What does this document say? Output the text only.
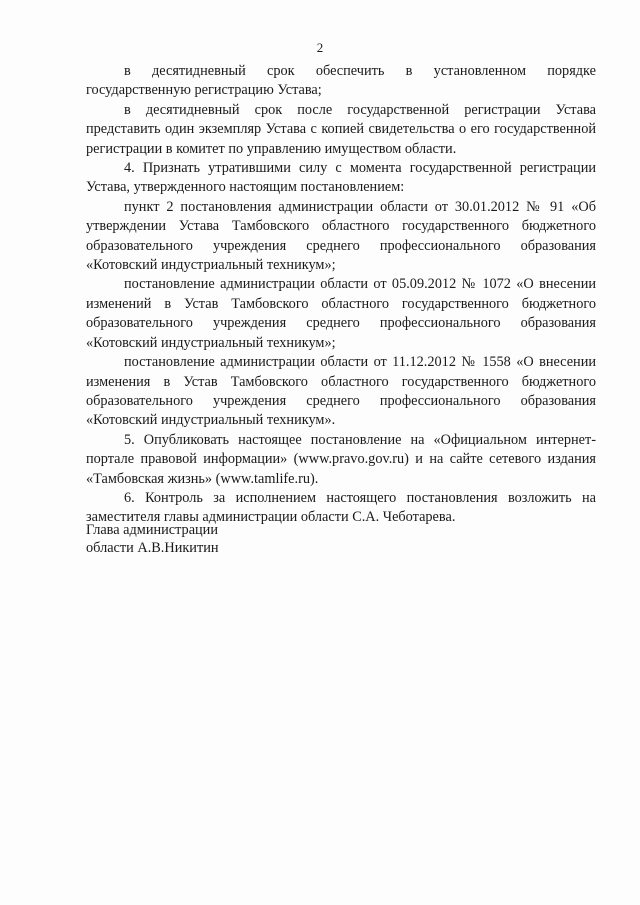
2

в десятидневный срок обеспечить в установленном порядке государственную регистрацию Устава;

в десятидневный срок после государственной регистрации Устава представить один экземпляр Устава с копией свидетельства о его государственной регистрации в комитет по управлению имуществом области.

4. Признать утратившими силу с момента государственной регистрации Устава, утвержденного настоящим постановлением:

пункт 2 постановления администрации области от 30.01.2012 № 91 «Об утверждении Устава Тамбовского областного государственного бюджетного образовательного учреждения среднего профессионального образования «Котовский индустриальный техникум»;

постановление администрации области от 05.09.2012 № 1072 «О внесении изменений в Устав Тамбовского областного государственного бюджетного образовательного учреждения среднего профессионального образования «Котовский индустриальный техникум»;

постановление администрации области от 11.12.2012 № 1558 «О внесении изменения в Устав Тамбовского областного государственного бюджетного образовательного учреждения среднего профессионального образования «Котовский индустриальный техникум».

5. Опубликовать настоящее постановление на «Официальном интернет-портале правовой информации» (www.pravo.gov.ru) и на сайте сетевого издания «Тамбовская жизнь» (www.tamlife.ru).

6. Контроль за исполнением настоящего постановления возложить на заместителя главы администрации области С.А. Чеботарева.

Глава администрации
области А.В.Никитин
